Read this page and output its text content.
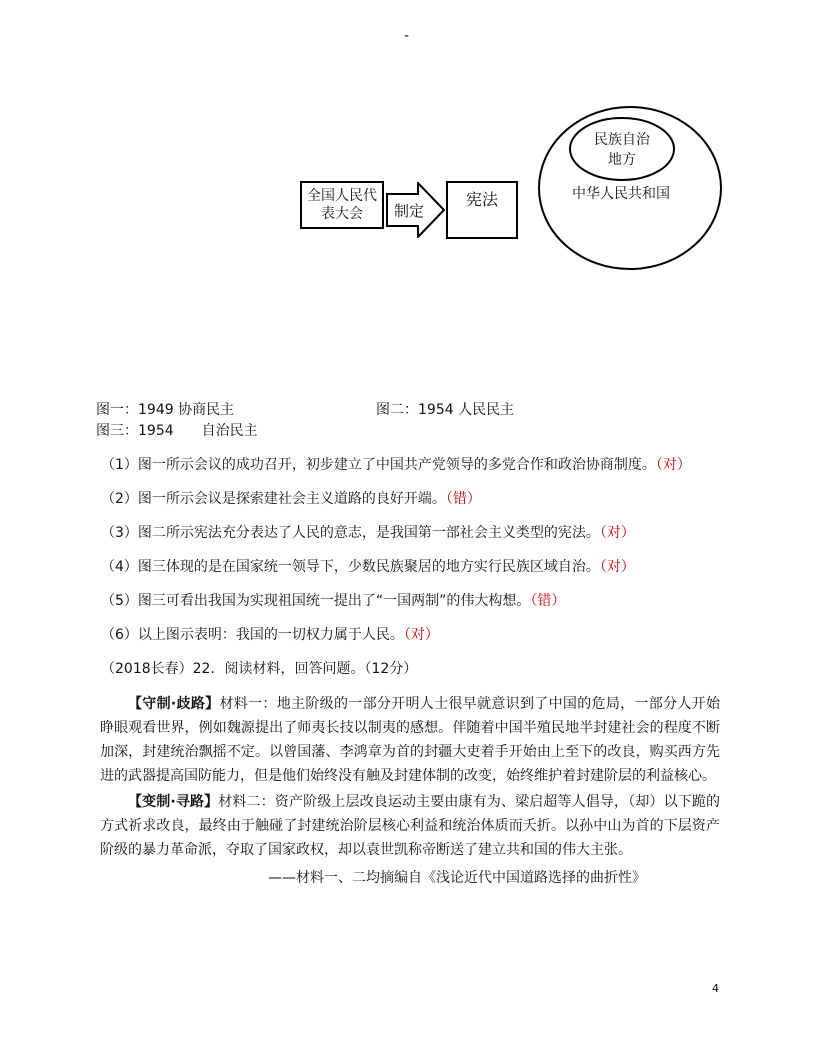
-
全国人民代表大会	制定
宪法
民族自治地方
中华人民共和国
图一：1949 协商民主	图二：1954 人民民主
图三：1954　　自治民主
（1）图一所示会议的成功召开，初步建立了中国共产党领导的多党合作和政治协商制度。（对）
（2）图一所示会议是探索建社会主义道路的良好开端。（错）
（3）图二所示宪法充分表达了人民的意志，是我国第一部社会主义类型的宪法。（对）
（4）图三体现的是在国家统一领导下，少数民族聚居的地方实行民族区域自治。（对）
（5）图三可看出我国为实现祖国统一提出了“一国两制”的伟大构想。（错）
（6）以上图示表明：我国的一切权力属于人民。（对）
（2018长春）22．阅读材料，回答问题。（12分）
【守制·歧路】材料一：地主阶级的一部分开明人士很早就意识到了中国的危局，一部分人开始睁眼观看世界，例如魏源提出了师夷长技以制夷的感想。伴随着中国半殖民地半封建社会的程度不断加深，封建统治飘摇不定。以曾国藩、李鸿章为首的封疆大吏着手开始由上至下的改良，购买西方先进的武器提高国防能力，但是他们始终没有触及封建体制的改变，始终维护着封建阶层的利益核心。
【变制·寻路】材料二：资产阶级上层改良运动主要由康有为、梁启超等人倡导，（却）以下跪的方式祈求改良，最终由于触碰了封建统治阶层核心利益和统治体质而夭折。以孙中山为首的下层资产阶级的暴力革命派，夺取了国家政权，却以袁世凯称帝断送了建立共和国的伟大主张。
——材料一、二均摘编自《浅论近代中国道路选择的曲折性》
4
